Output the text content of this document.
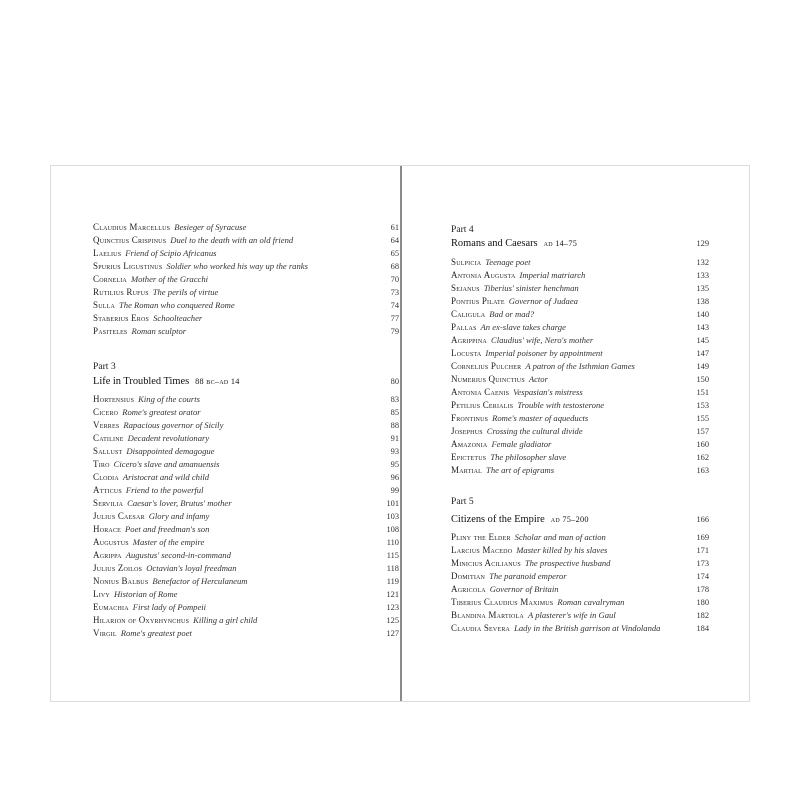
Claudius Marcellus Besieger of Syracuse	61
Quinctius Crispinus Duel to the death with an old friend	64
Laelius Friend of Scipio Africanus	65
Spurius Ligustinus Soldier who worked his way up the ranks	68
Cornelia Mother of the Gracchi	70
Rutilius Rufus The perils of virtue	73
Sulla The Roman who conquered Rome	74
Staberius Eros Schoolteacher	77
Pasiteles Roman sculptor	79
Part 3
Life in Troubled Times 88 bc–ad 14	80
Hortensius King of the courts	83
Cicero Rome's greatest orator	85
Verres Rapacious governor of Sicily	88
Catiline Decadent revolutionary	91
Sallust Disappointed demagogue	93
Tiro Cicero's slave and amanuensis	95
Clodia Aristocrat and wild child	96
Atticus Friend to the powerful	99
Servilia Caesar's lover, Brutus' mother	101
Julius Caesar Glory and infamy	103
Horace Poet and freedman's son	108
Augustus Master of the empire	110
Agrippa Augustus' second-in-command	115
Julius Zoilos Octavian's loyal freedman	118
Nonius Balbus Benefactor of Herculaneum	119
Livy Historian of Rome	121
Eumachia First lady of Pompeii	123
Hilarion of Oxyrhynchus Killing a girl child	125
Virgil Rome's greatest poet	127
Part 4
Romans and Caesars ad 14–75	129
Sulpicia Teenage poet	132
Antonia Augusta Imperial matriarch	133
Sejanus Tiberius' sinister henchman	135
Pontius Pilate Governor of Judaea	138
Caligula Bad or mad?	140
Pallas An ex-slave takes charge	143
Agrippina Claudius' wife, Nero's mother	145
Locusta Imperial poisoner by appointment	147
Cornelius Pulcher A patron of the Isthmian Games	149
Numerius Quinctius Actor	150
Antonia Caenis Vespasian's mistress	151
Petilius Cerialis Trouble with testosterone	153
Frontinus Rome's master of aqueducts	155
Josephus Crossing the cultural divide	157
Amazonia Female gladiator	160
Epictetus The philosopher slave	162
Martial The art of epigrams	163
Part 5
Citizens of the Empire ad 75–200	166
Pliny the Elder Scholar and man of action	169
Larcius Macedo Master killed by his slaves	171
Minicius Acilianus The prospective husband	173
Domitian The paranoid emperor	174
Agricola Governor of Britain	178
Tiberius Claudius Maximus Roman cavalryman	180
Blandina Martiola A plasterer's wife in Gaul	182
Claudia Severa Lady in the British garrison at Vindolanda	184
